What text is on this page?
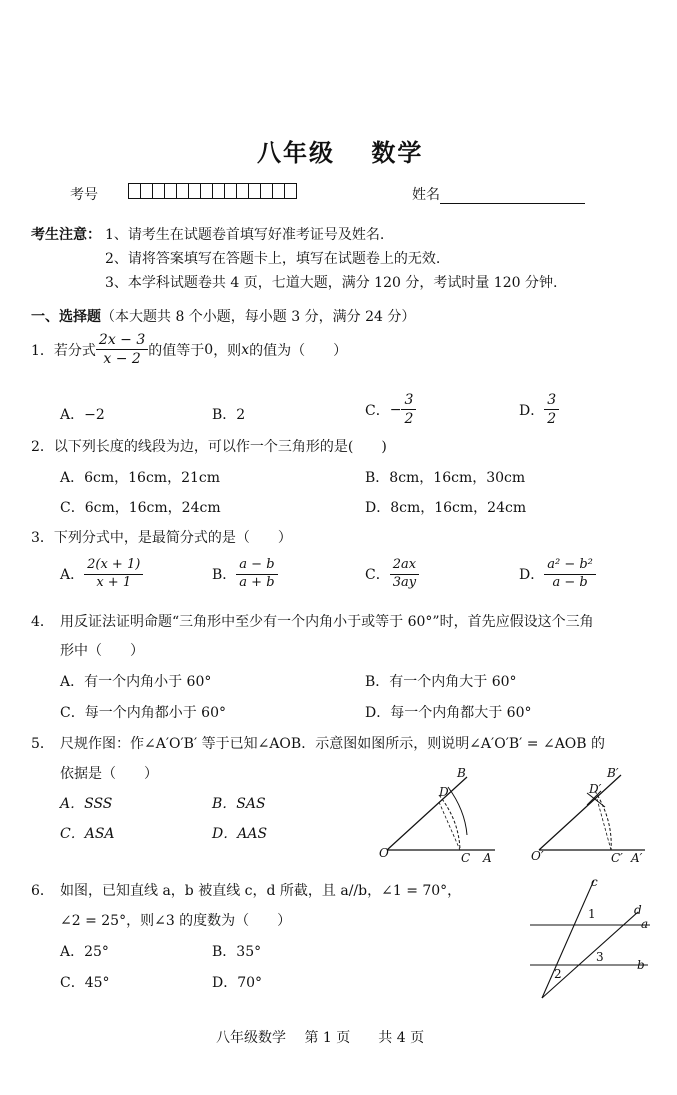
八年级　 数学
考号	姓名
考生注意： 1、请考生在试题卷首填写好准考证号及姓名.
2、请将答案填写在答题卡上，填写在试题卷上的无效.
3、本学科试题卷共 4 页，七道大题，满分 120 分，考试时量 120 分钟.
一、选择题（本大题共 8 个小题，每小题 3 分，满分 24 分）
1． 若分式 $\frac{2x - 3}{x - 2}$ 的值等于 0 ，则 x 的值为（　　）
A．−2	B．2	C． − $\frac{3}{2}$	D． $\frac{3}{2}$
2．以下列长度的线段为边，可以作一个三角形的是(　　)
A．6cm，16cm，21cm	B．8cm，16cm，30cm
C．6cm，16cm，24cm	D．8cm，16cm，24cm
3．下列分式中，是最简分式的是（　　）
A． $\frac{2(x + 1)}{x + 1}$	B． $\frac{a - b}{a + b}$	C． $\frac{2ax}{3ay}$	D． $\frac{\text{a² − b²}}{a - b}$
4． 用反证法证明命题“三角形中至少有一个内角小于或等于 60°”时，首先应假设这个三角
形中（　　）
A．有一个内角小于 60°	B．有一个内角大于 60°
C．每一个内角都小于 60°	D．每一个内角都大于 60°
5． 尺规作图：作∠A′O′B′ 等于已知∠AOB．示意图如图所示，则说明∠A′O′B′ = ∠AOB 的
依据是（　　）
A．SSS	B．SAS
C．ASA	D．AAS
O	C A
D
B
O′	C′ A′
D′
B′
6． 如图，已知直线 a，b 被直线 c，d 所截，且 a//b，∠1 = 70°，
∠2 = 25°，则∠3 的度数为（　　）
A．25°	B．35°
C．45°	D．70°
c
d
a
b
1
2
3
八年级数学　 第 1 页　　共 4 页
